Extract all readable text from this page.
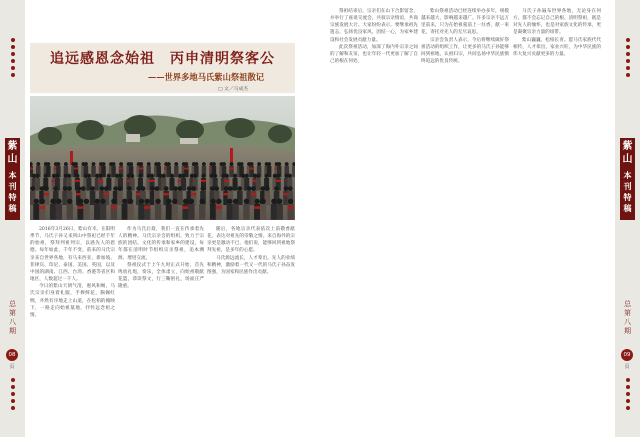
紫
山
本
刊
特
稿
总
第
八
期
08
页
紫
山
本
刊
特
稿
总
第
八
期
09
页
追远感恩念始祖　丙申清明祭客公
——世界多地马氏紫山祭祖散记
□ 文／马成杰

2016年3月26日，紫山有幸。在阳明季节，马氏子孙又来到山中祭祀已经千年的始祖，祭拜列祖列宗，以感先人的恩德。每年如此，千年不变。前来的马氏宗亲来自世界各地，有马来西亚、新加坡、菲律宾、印尼、泰国、美国、英国，以及中国的湖南、江西、台湾、香港等省区和地区，人数超过一千人。

今日的紫山天朗气清，惠风和畅，马氏宗亲们身着礼服，手捧鲜花，胸佩红绸，井然有序地走上山道，在松柏的掩映下，一路走向始祖墓地，抒怀远念祖之情。

作为马氏后裔，我们一直在传承着先人的精神。马氏宗亲会的组织，致力于宗族的团结、文化的传承和家乡的建设，每年都在清明时节组织宗亲祭祖，追本溯源，增进交流。

祭祖仪式于上午九时正式开始，首先鸣放礼炮，奏乐，全体肃立，向始祖敬献花篮，恭读祭文，行三鞠躬礼，场面庄严隆重。

随后，各地宗亲代表依次上前敬香献花，表达对祖先的崇敬之情。来自海外的宗亲更是激动不已，他们说，能够回到祖地祭拜先祖，是多年的心愿。

马氏源远流长，人才辈出。先人的业绩和精神，激励着一代又一代的马氏子孙奋发图强，为国家和民族作出贡献。

祭祖结束后，宗亲们在山下合影留念，并举行了座谈交流会，共叙宗亲情谊，共商宗族发展大计。大家纷纷表示，要继承祖先遗志，弘扬优良家风，团结一心，为家乡建设和社会发展贡献力量。

此次祭祖活动，加深了海内外宗亲之间的了解和友谊，也让年轻一代更加了解了自己的根在何处。

紫山祭祖活动已经连续举办多年，规模越来越大，影响越来越广。许多宗亲不远万里前来，只为在始祖墓前上一炷香，献一束花，寄托对先人的无尽哀思。

宗亲会负责人表示，今后将继续做好祭祖活动的组织工作，让更多的马氏子孙能够回到祖地，认祖归宗，共同弘扬中华民族慎终追远的优良传统。

马氏子孙遍布世界各地，无论身在何方，都不会忘记自己的根。清明祭祖，既是对先人的缅怀，也是对家族文化的传承，更是凝聚宗亲力量的纽带。

紫山巍巍，松柏长青。愿马氏家族代代相传，人才辈出，家业兴旺，为中华民族的伟大复兴贡献更多的力量。
